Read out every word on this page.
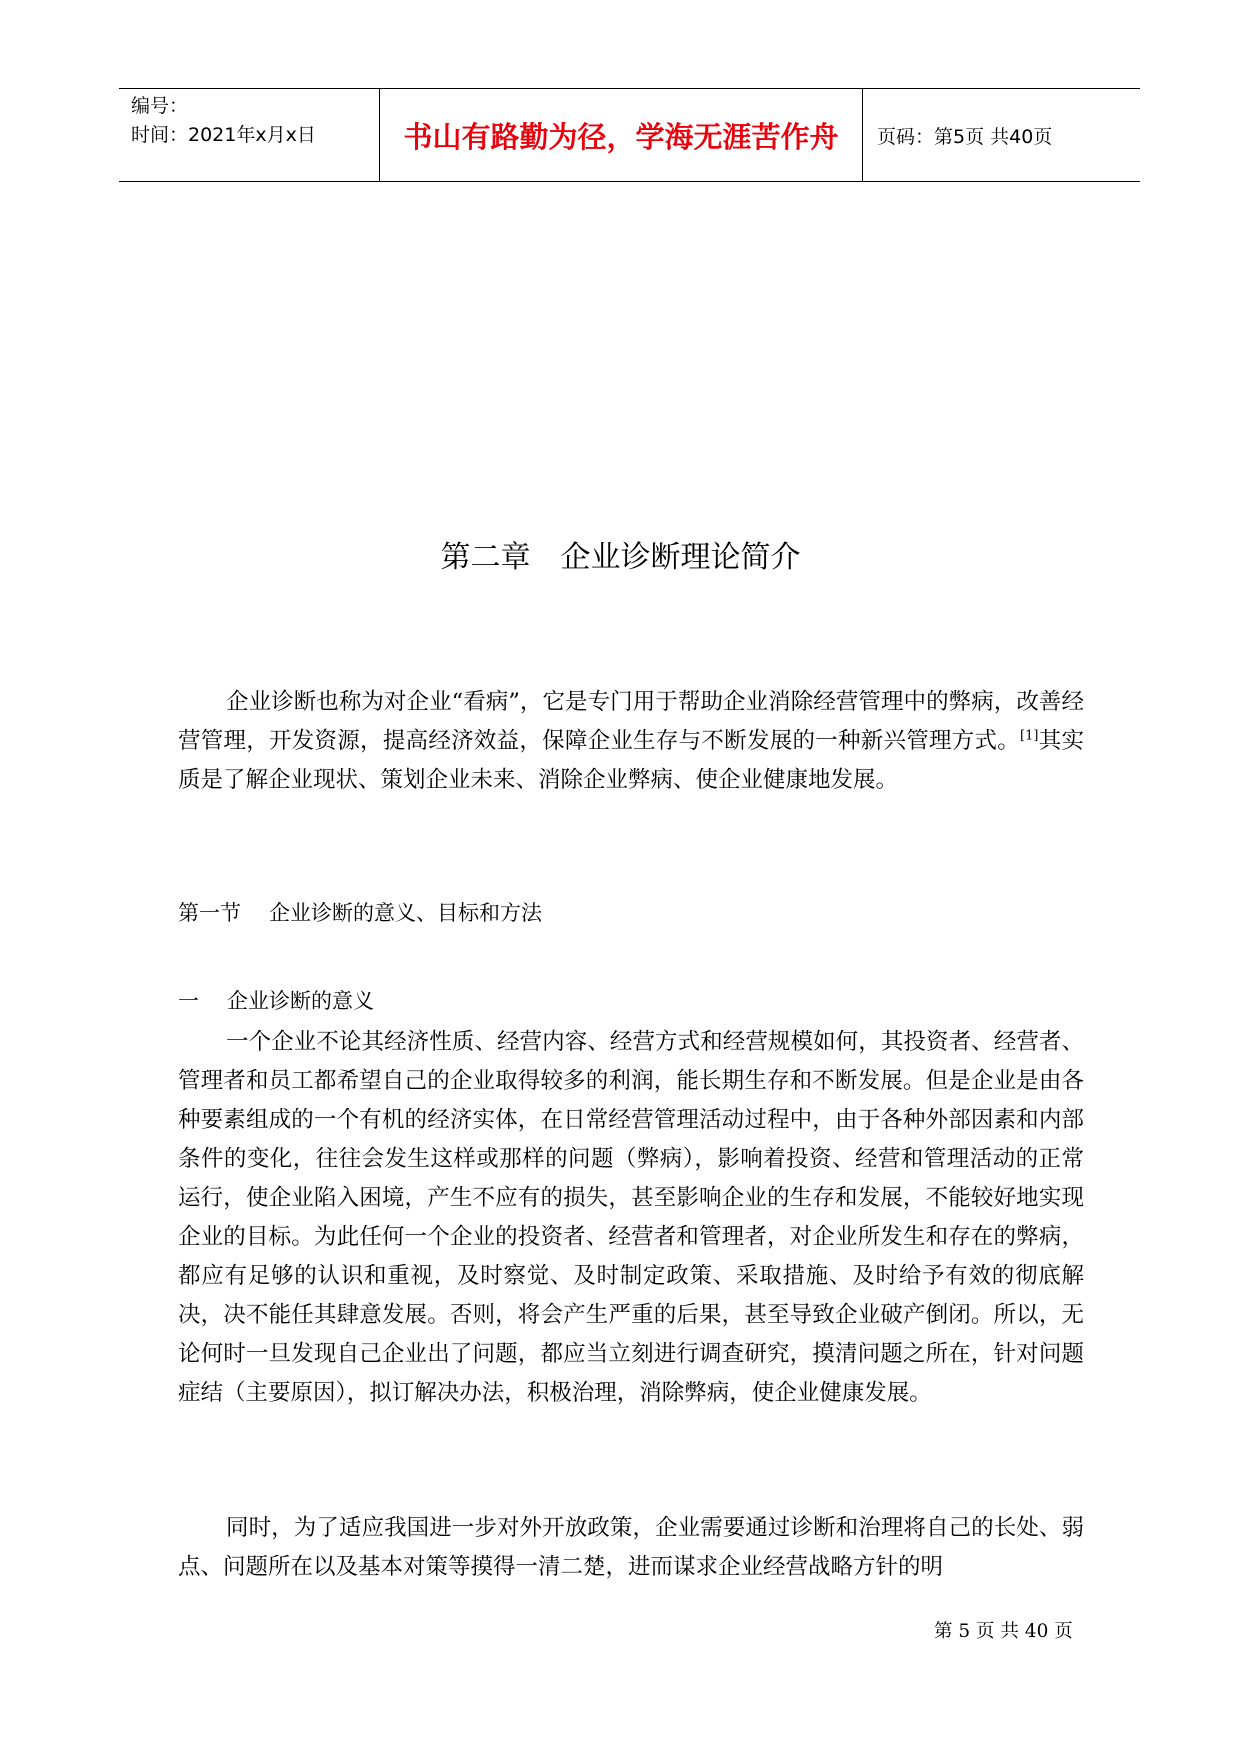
编号：
时间：2021年x月x日	书山有路勤为径，学海无涯苦作舟	页码：第5页 共40页
第二章 企业诊断理论简介

企业诊断也称为对企业“看病”，它是专门用于帮助企业消除经营管理中的弊病，改善经营管理，开发资源，提高经济效益，保障企业生存与不断发展的一种新兴管理方式。[1]其实质是了解企业现状、策划企业未来、消除企业弊病、使企业健康地发展。

第一节 企业诊断的意义、目标和方法
一 企业诊断的意义

一个企业不论其经济性质、经营内容、经营方式和经营规模如何，其投资者、经营者、管理者和员工都希望自己的企业取得较多的利润，能长期生存和不断发展。但是企业是由各种要素组成的一个有机的经济实体，在日常经营管理活动过程中，由于各种外部因素和内部条件的变化，往往会发生这样或那样的问题（弊病），影响着投资、经营和管理活动的正常运行，使企业陷入困境，产生不应有的损失，甚至影响企业的生存和发展，不能较好地实现企业的目标。为此任何一个企业的投资者、经营者和管理者，对企业所发生和存在的弊病，都应有足够的认识和重视，及时察觉、及时制定政策、采取措施、及时给予有效的彻底解决，决不能任其肆意发展。否则，将会产生严重的后果，甚至导致企业破产倒闭。所以，无论何时一旦发现自己企业出了问题，都应当立刻进行调查研究，摸清问题之所在，针对问题症结（主要原因），拟订解决办法，积极治理，消除弊病，使企业健康发展。

同时，为了适应我国进一步对外开放政策，企业需要通过诊断和治理将自己的长处、弱点、问题所在以及基本对策等摸得一清二楚，进而谋求企业经营战略方针的明

第 5 页 共 40 页
